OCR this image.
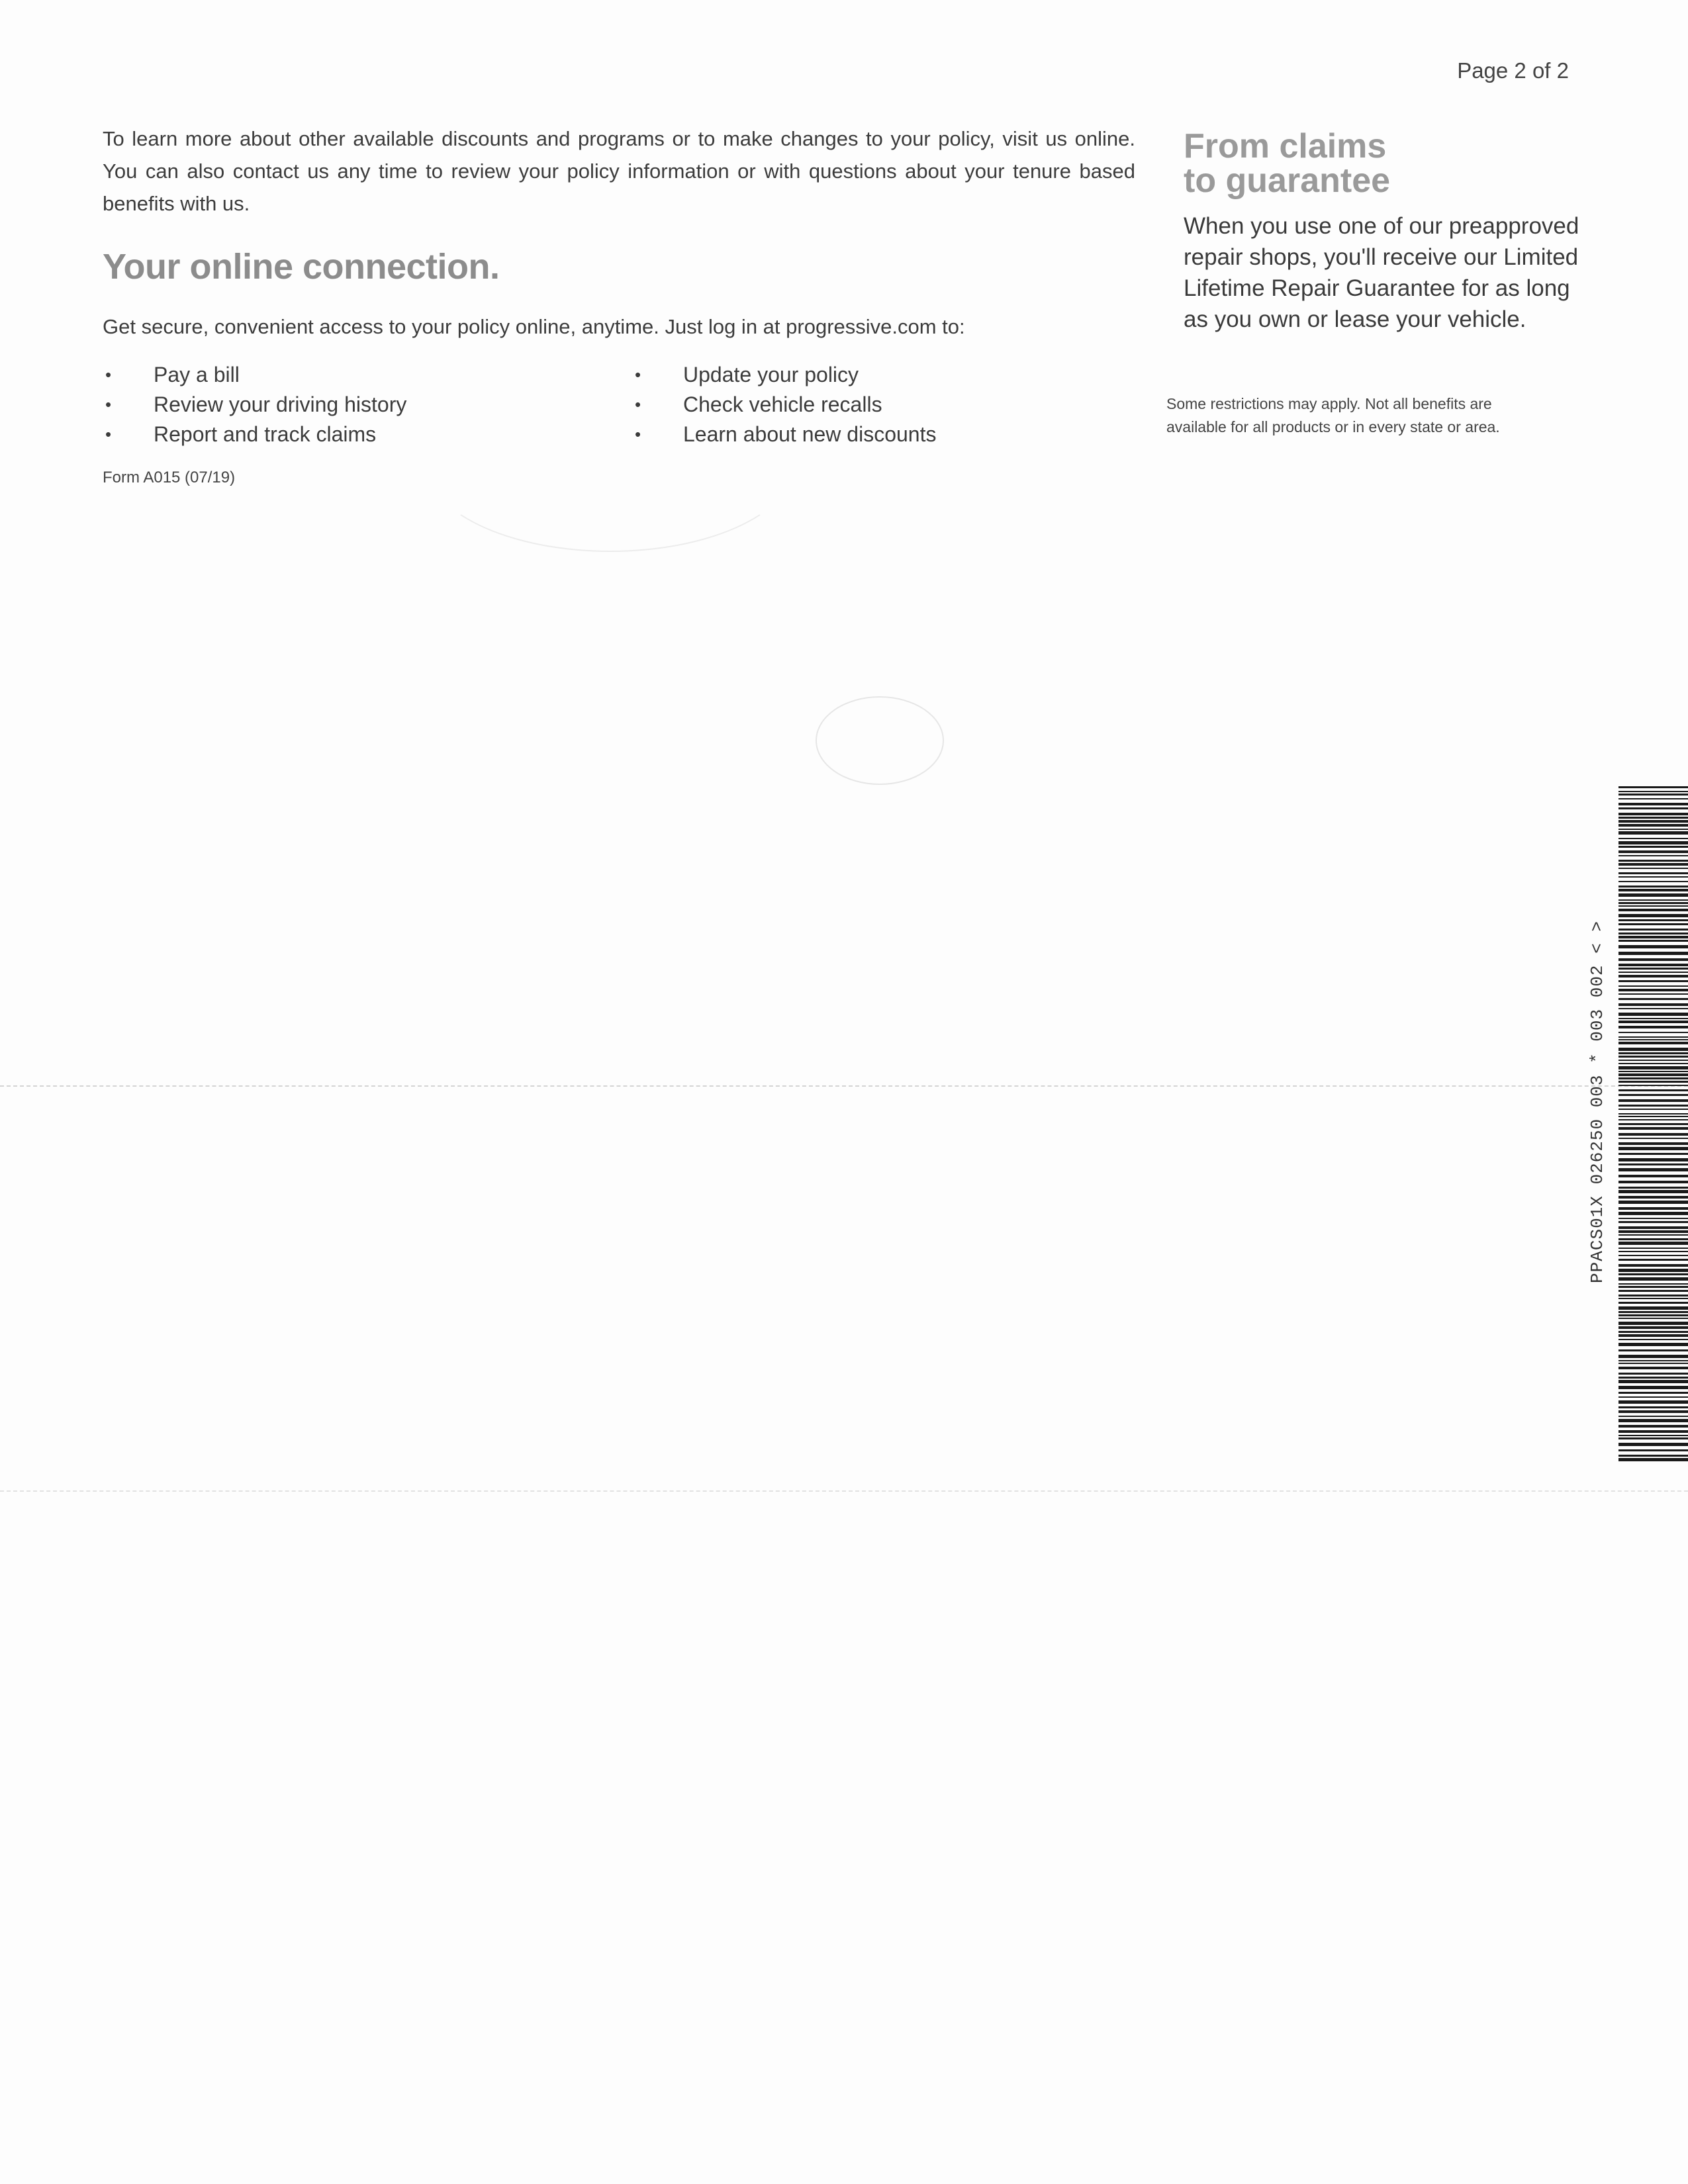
Page 2 of 2

To learn more about other available discounts and programs or to make changes to your policy, visit us online. You can also contact us any time to review your policy information or with questions about your tenure based benefits with us.

Your online connection.

Get secure, convenient access to your policy online, anytime. Just log in at progressive.com to:

• Pay a bill
• Review your driving history
• Report and track claims
• Update your policy
• Check vehicle recalls
• Learn about new discounts
Form A015 (07/19)
From claims
to guarantee

When you use one of our preapproved repair shops, you'll receive our Limited Lifetime Repair Guarantee for as long as you own or lease your vehicle.

Some restrictions may apply. Not all benefits are available for all products or in every state or area.

PPACS01X 026250 003 * 003 002 < >
